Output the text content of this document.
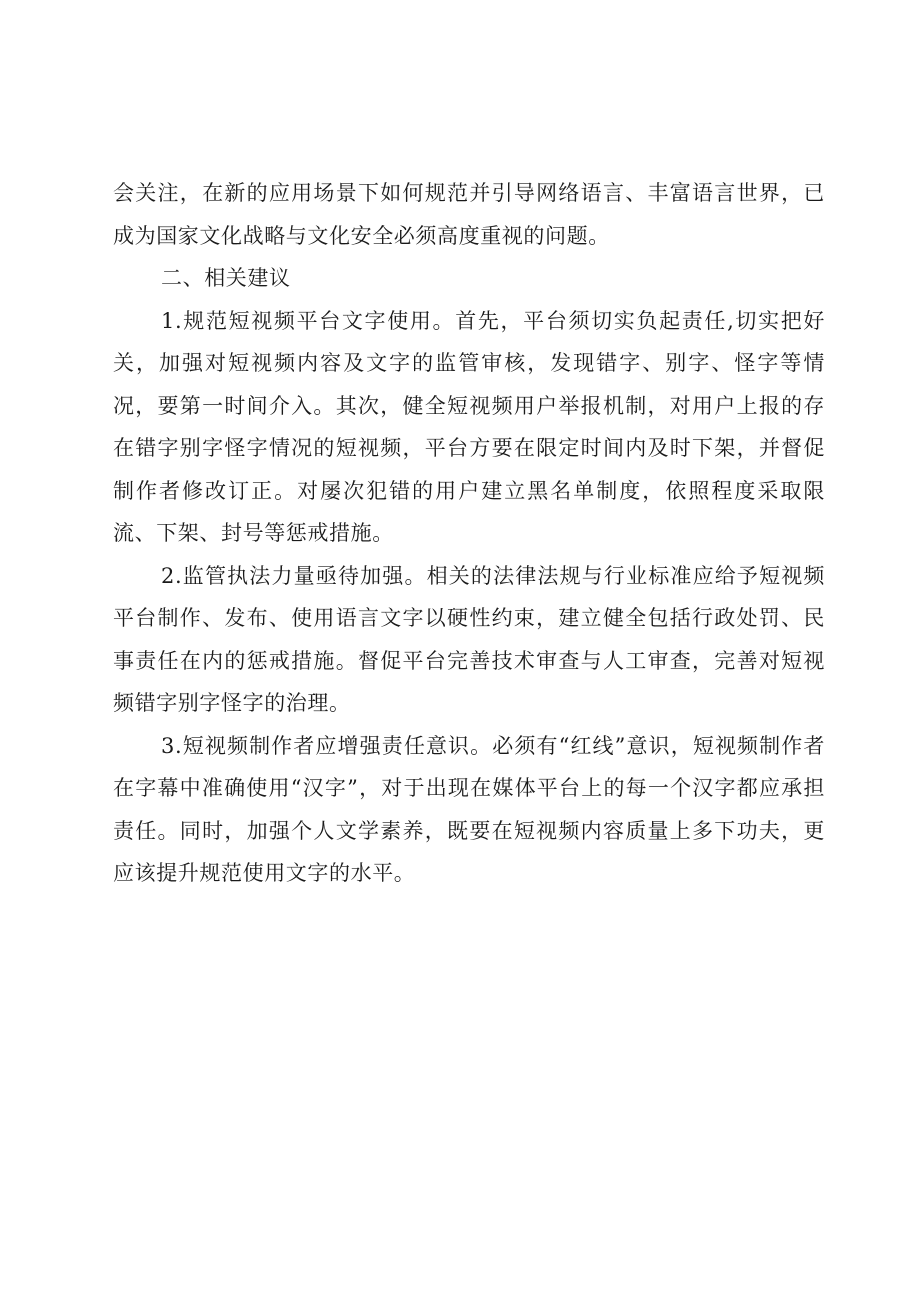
会关注，在新的应用场景下如何规范并引导网络语言、丰富语言世界，已成为国家文化战略与文化安全必须高度重视的问题。

二、相关建议

1.规范短视频平台文字使用。首先，平台须切实负起责任,切实把好关，加强对短视频内容及文字的监管审核，发现错字、别字、怪字等情况，要第一时间介入。其次，健全短视频用户举报机制，对用户上报的存在错字别字怪字情况的短视频，平台方要在限定时间内及时下架，并督促制作者修改订正。对屡次犯错的用户建立黑名单制度，依照程度采取限流、下架、封号等惩戒措施。

2.监管执法力量亟待加强。相关的法律法规与行业标准应给予短视频平台制作、发布、使用语言文字以硬性约束，建立健全包括行政处罚、民事责任在内的惩戒措施。督促平台完善技术审查与人工审查，完善对短视频错字别字怪字的治理。

3.短视频制作者应增强责任意识。必须有“红线”意识，短视频制作者在字幕中准确使用“汉字”，对于出现在媒体平台上的每一个汉字都应承担责任。同时，加强个人文学素养，既要在短视频内容质量上多下功夫，更应该提升规范使用文字的水平。
